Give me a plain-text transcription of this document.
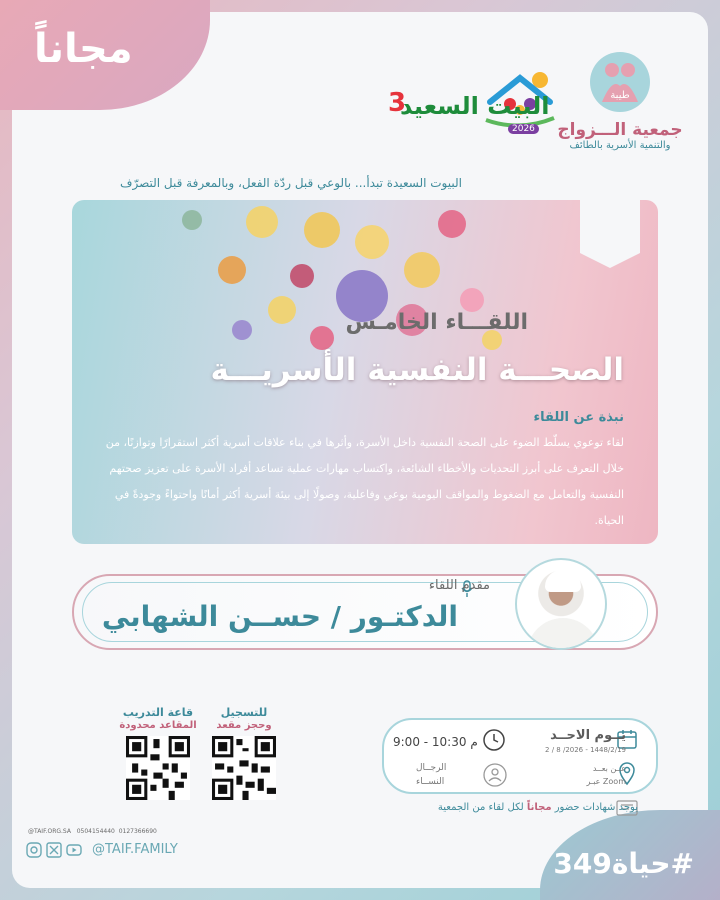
مجاناً
#حياة349
طيبة
جمعية الـــزواج
والتنمية الأسرية بالطائف
3
البيت السعيد
2026
البيوت السعيدة تبدأ... بالوعي قبل ردّة الفعل، وبالمعرفة قبل التصرّف
اللقـــاء الخامـس
الصحـــة النفسية الأسريـــة
نبذة عن اللقاء
لقاء توعوي يسلّط الضوء على الصحة النفسية داخل الأسرة، وأثرها في بناء علاقات أسرية أكثر استقرارًا وتوازنًا، من خلال التعرف على أبرز التحديات والأخطاء الشائعة، واكتساب مهارات عملية تساعد أفراد الأسرة على تعزيز صحتهم النفسية والتعامل مع الضغوط والمواقف اليومية بوعي وفاعلية، وصولًا إلى بيئة أسرية أكثر أمانًا واحتواءً وجودةً في الحياة.
مقدم اللقاء
الدكتـور / حســن الشهابي
يــوم الاحــد
2 / 8 /2026 - 1448/2/19
9:00 - 10:30 م
عــن بعــد
عبـر Zoom
الرجــال
النســاء
يوجد شهادات حضور مجاناً لكل لقاء من الجمعية
للتسجيل
وحجز مقعد
قاعة التدريب
المقاعد محدودة
@TAIF.ORG.SA 0504154440 0127366690
@TAIF.FAMILY
